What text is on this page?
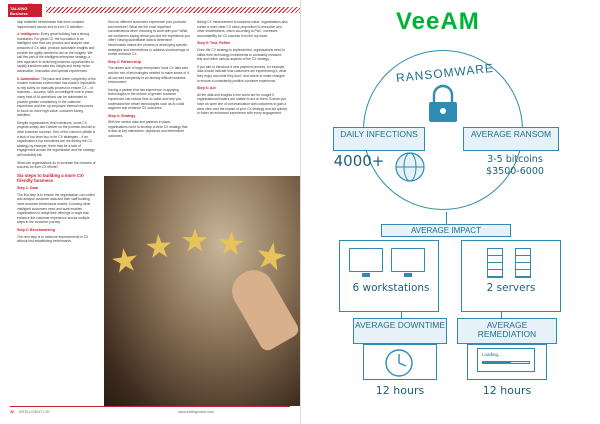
TALKING
Business ”

help establish benchmarks that drive constant improvement across end-to-end CX activities.

4. Intelligence: Every great building has a strong foundation. For great CX, the foundation is an intelligent core that can process and analyse vast amounts of CX data, produce actionable insights and provide the agility needed to act on the insights. We call this part of the intelligent enterprise strategy, a new approach to delivering business opportunities to rapidly transform data into insight and freely move automation, innovation and optimal experiences.

5. Automation: The pace and sheer complexity of the modern business environment has made it impossible to rely solely on manually process to ensure CX – or business – success. With an intelligent core in place, many best-of-fit operations can be automated to provide greater consistency in the customer experience and free up employee internal resources to focus on more high-value, customer-facing activities.

Despite organisations' best intentions, some CX projects simply don't deliver on the promise and fail to drive business success. One of the common pitfalls is a lack of top-level buy-in for CX strategies – if an organisation's top executives are not driving the CX strategy by example, there may be a lack of engagement across the organisation and the strategy will inevitably fail.

What can organisations do to increase the chances of success for their CX efforts?

Six steps to building a more CX-friendly business
Step 1: Data

The first step is to ensure the organisation can collect and analyse customer data and their staff building more accurate behavioural models. Knowing what intelligent customers need and want enables organisations to adapt their offerings in ways that enhance the customer experience across multiple steps in the customer journey.

Step 2: Benchmarking

The next step is to measure improvements in CX without first establishing benchmarks.

How do different customers experience your products and services? What are the most important considerations when choosing to work with you? What are customers saying about you and the experience you offer? Having quantifiable data to determine benchmarks makes the process of developing specific strategies and interventions to address shortcomings or further enhance CX.

Step 3: Partnership

The dream size of large enterprises' local CX data sets and the mix of technologies needed to make sense of it all can add complexity to an already difficult business environment.

Having a partner that has experience in applying technologies in the service of greater customer experience can reduce time-to-value and help you understand the newer technologies such as AI could augment and enhance CX outcomes.

Step 4: Strategy

With the correct data and partners in place, organisations need to develop a clear CX strategy that is also at key milestones, objectives and determined outcomes.

linking CX measurement to business value, organisations also create a more clear CX value proposition to executive and other shareholders, which according to PwC, increases accountability for CX success from the top down.

Step 5: Test, Refine

Once the CX strategy is implemented, organisations need to utilise their technology investments to constantly measure, test and refine various aspects of the CX strategy.

If you aim to introduce a new payment process, for example, data should indicate how customers are experiencing it, what they enjoy and what they don't, and where to make changes to ensure a consistently positive customer experience.

Step 6: Act

All the data and insights in the world are for nought if organisational leaders are unable to act on them. Ensure you have an open line of communication with customers to gain a clear view over the impact of your CX strategy and act quickly to foster an enhanced experience with every engagement.

32 INTELLIGENT CIO	www.intelligentcio.com
VeeAM
RANSOMWARE
DAILY INFECTIONS
4000+
AVERAGE RANSOM
3-5 bitcoins
$3500-6000
AVERAGE IMPACT
6 workstations	2 servers
AVERAGE DOWNTIME
12 hours
AVERAGE REMEDIATION
Loading...
12 hours
